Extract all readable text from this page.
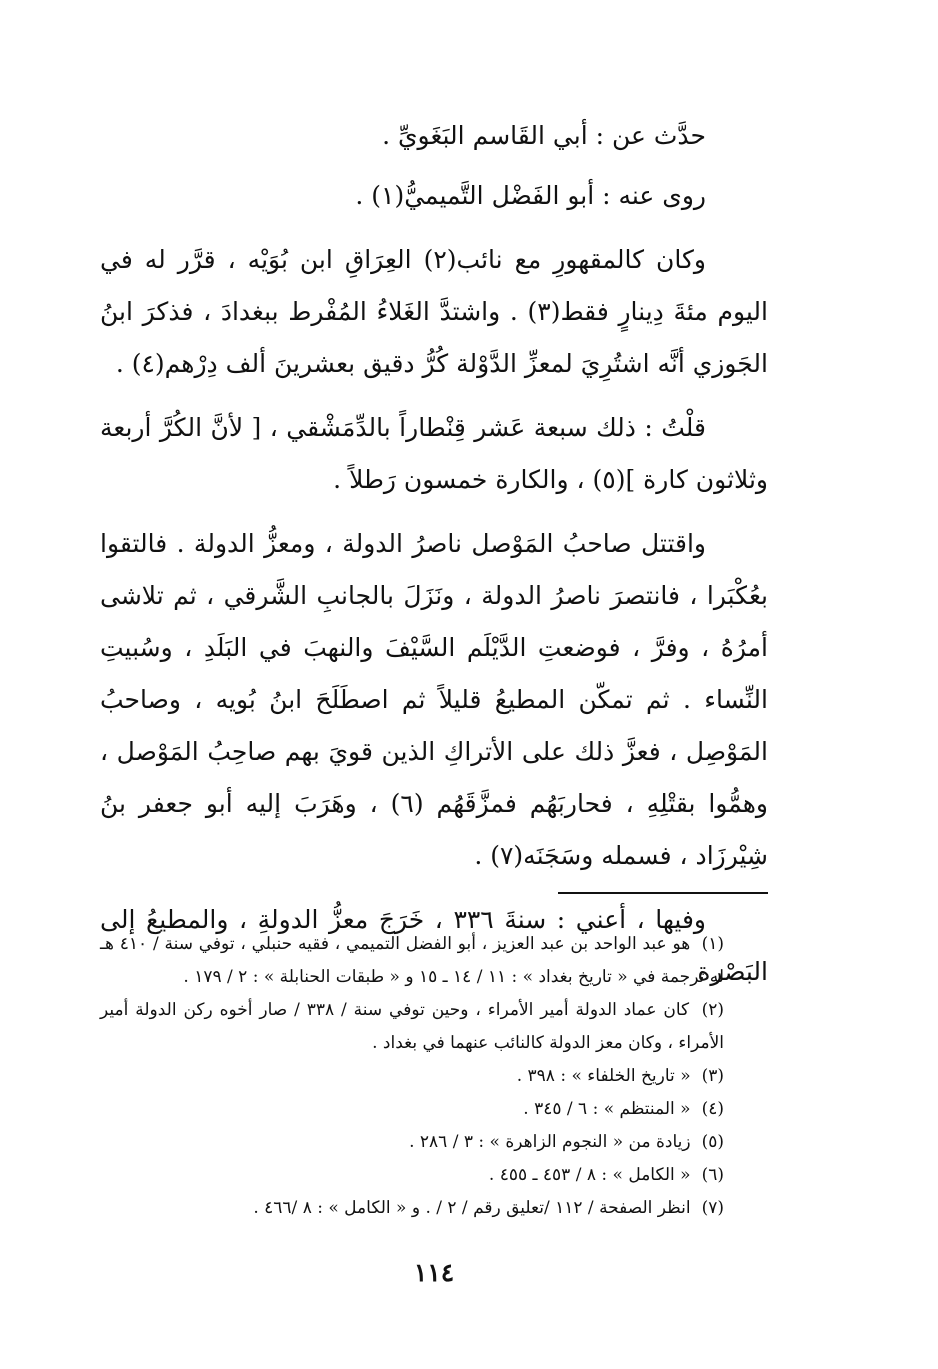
حدَّث عن : أبي القَاسم البَغَويِّ .

روى عنه : أبو الفَضْل التَّميميُّ(١) .

وكان كالمقهورِ مع نائب(٢) العِرَاقِ ابن بُوَيْه ، قرَّر له في اليوم مئةَ دِينارٍ فقط(٣) . واشتدَّ الغَلاءُ المُفْرط ببغدادَ ، فذكرَ ابنُ الجَوزي أنَّه اشتُرِيَ لمعزِّ الدَّوْلة كُرُّ دقيق بعشرينَ ألف دِرْهم(٤) .

قلْتُ : ذلك سبعة عَشر قِنْطاراً بالدِّمَشْقي ، [ لأنَّ الكُرَّ أربعة وثلاثون كارة ](٥) ، والكارة خمسون رَطلاً .

واقتتل صاحبُ المَوْصل ناصرُ الدولة ، ومعزُّ الدولة . فالتقوا بعُكْبَرا ، فانتصرَ ناصرُ الدولة ، ونَزَلَ بالجانبِ الشَّرقي ، ثم تلاشى أمرُهُ ، وفرَّ ، فوضعتِ الدَّيْلَم السَّيْفَ والنهبَ في البَلَدِ ، وسُبيتِ النِّساء . ثم تمكّن المطيعُ قليلاً ثم اصطَلَحَ ابنُ بُويه ، وصاحبُ المَوْصِل ، فعزَّ ذلك على الأتراكِ الذين قويَ بهم صاحِبُ المَوْصل ، وهمُّوا بقتْلِهِ ، فحاربَهُم فمزَّقَهُم (٦) ، وهَرَبَ إليه أبو جعفر بنُ شِيْرزَاد ، فسمله وسَجَنَه(٧) .

وفيها ، أعني : سنةَ ٣٣٦ ، خَرَجَ معزُّ الدولةِ ، والمطيعُ إلى البَصْرة

(١) هو عبد الواحد بن عبد العزيز ، أبو الفضل التميمي ، فقيه حنبلي ، توفي سنة / ٤١٠ هـ له ترجمة في « تاريخ بغداد » : ١١ / ١٤ ـ ١٥ و « طبقات الحنابلة » : ٢ / ١٧٩ .

(٢) كان عماد الدولة أمير الأمراء ، وحين توفي سنة / ٣٣٨ / صار أخوه ركن الدولة أمير الأمراء ، وكان معز الدولة كالنائب عنهما في بغداد .

(٣) « تاريخ الخلفاء » : ٣٩٨ .

(٤) « المنتظم » : ٦ / ٣٤٥ .

(٥) زيادة من « النجوم الزاهرة » : ٣ / ٢٨٦ .

(٦) « الكامل » : ٨ / ٤٥٣ ـ ٤٥٥ .

(٧) انظر الصفحة / ١١٢ /تعليق رقم / ٢ / . و « الكامل » : ٨ /٤٦٦ .

١١٤
